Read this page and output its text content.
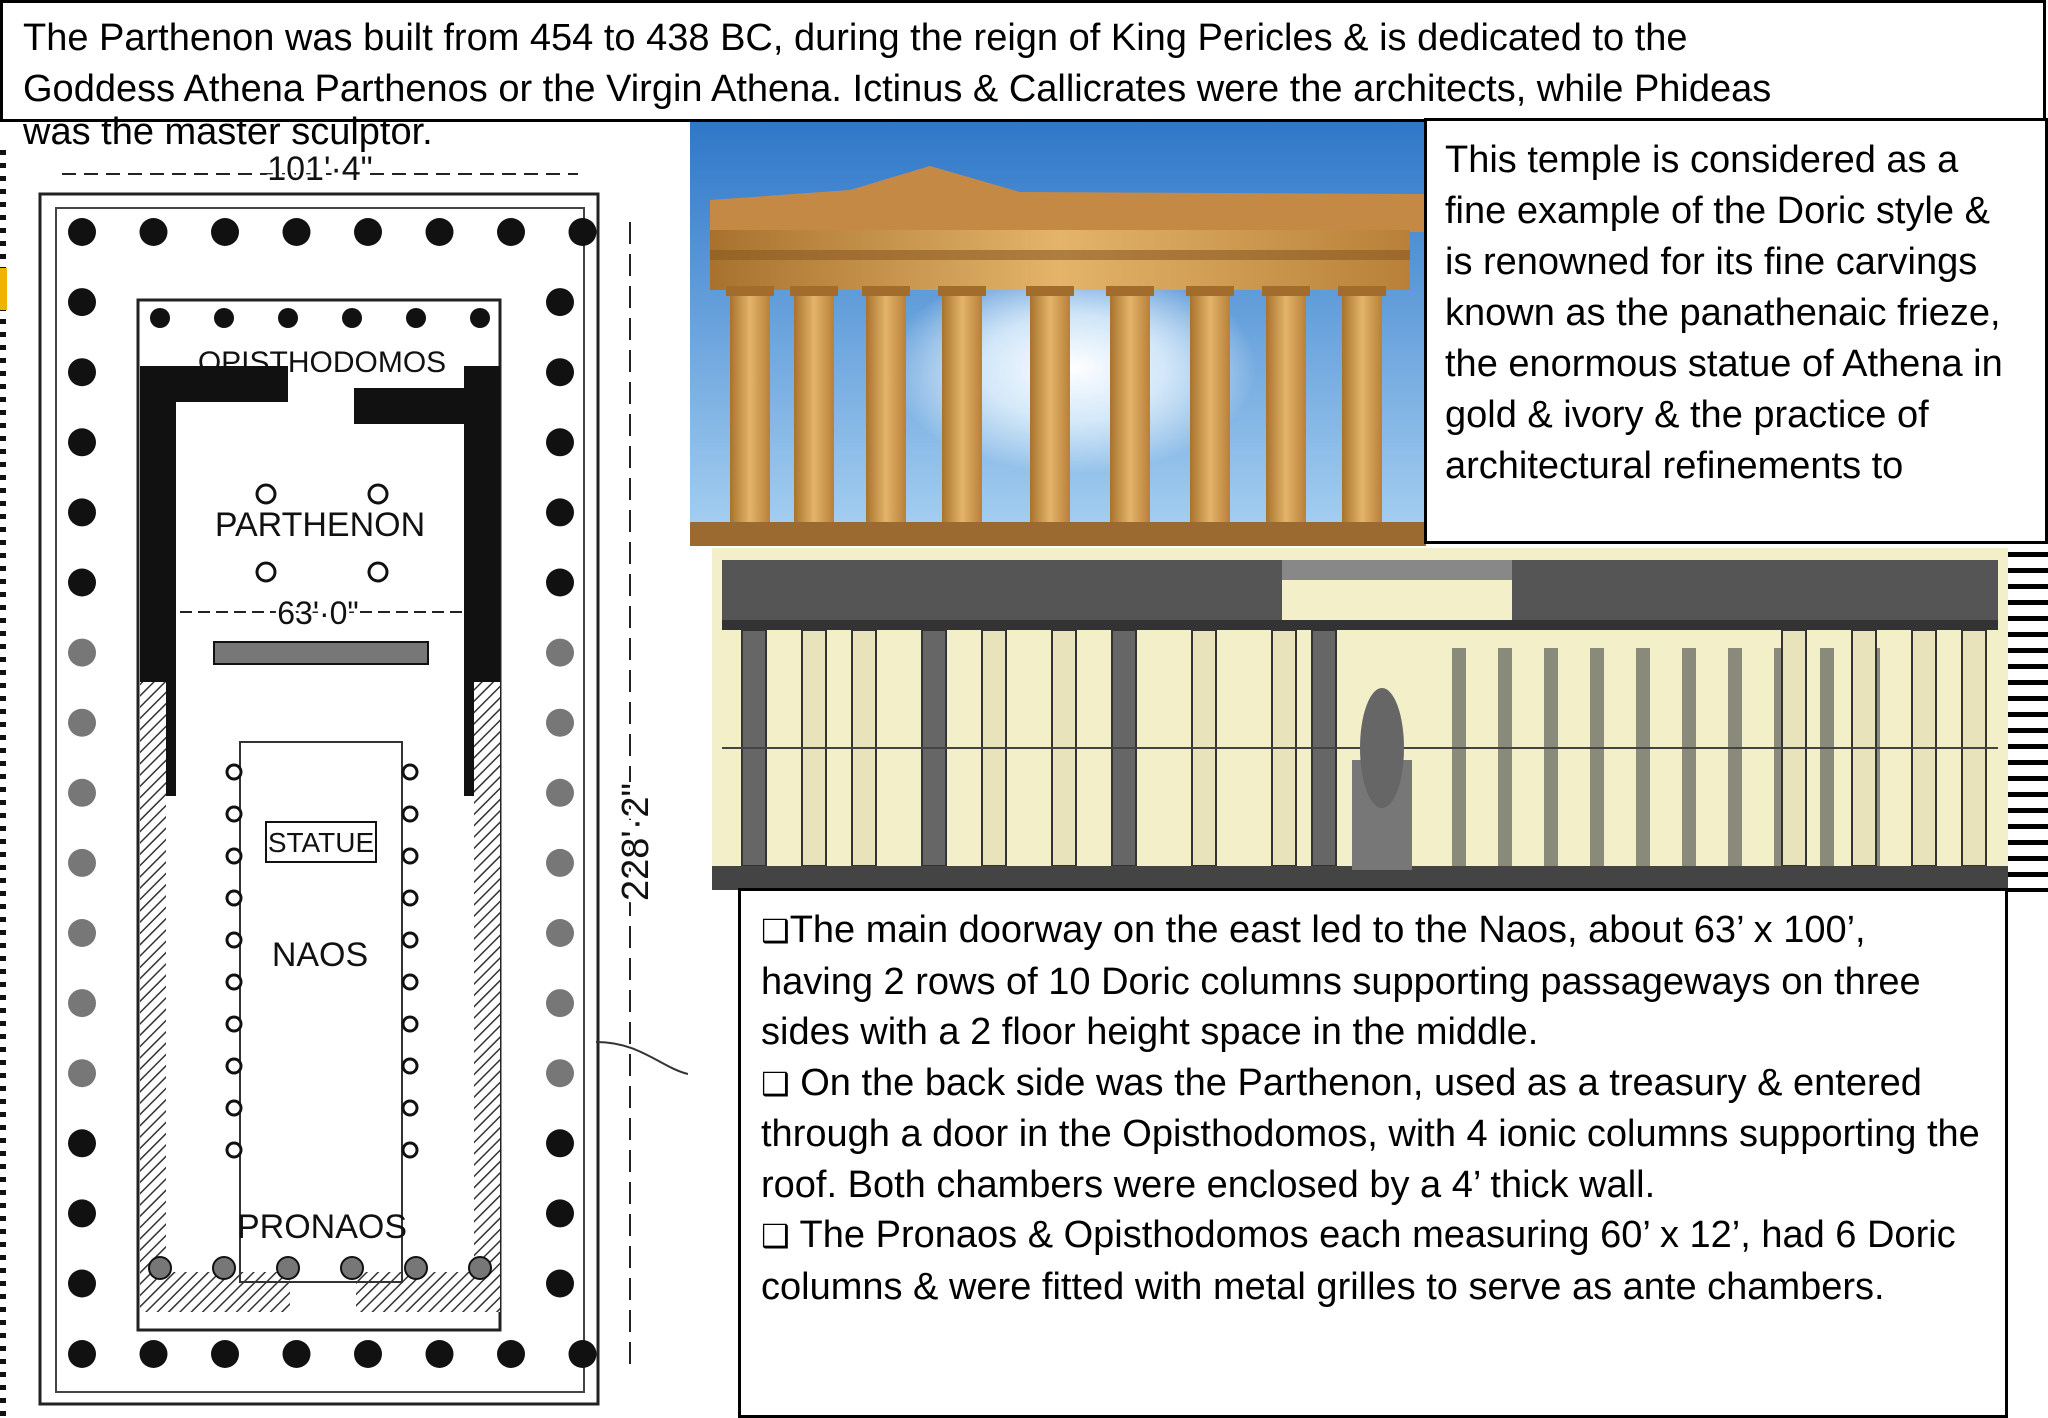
The Parthenon was built from 454 to 438 BC, during the reign of King Pericles & is dedicated to the
Goddess Athena Parthenos or the Virgin Athena. Ictinus & Callicrates were the architects, while Phideas
was the master sculptor.
101'·4"
63'·0"
228'·2"
OPISTHODOMOS
PARTHENON
STATUE
NAOS
PRONAOS

This temple is considered as a fine example of the Doric style & is renowned for its fine carvings known as the panathenaic frieze, the enormous statue of Athena in gold & ivory & the practice of architectural refinements to

❑The main doorway on the east led to the Naos, about 63’ x 100’, having 2 rows of 10 Doric columns supporting passageways on three sides with a 2 floor height space in the middle.

❑ On the back side was the Parthenon, used as a treasury & entered through a door in the Opisthodomos, with 4 ionic columns supporting the roof. Both chambers were enclosed by a 4’ thick wall.

❑ The Pronaos & Opisthodomos each measuring 60’ x 12’, had 6 Doric columns & were fitted with metal grilles to serve as ante chambers.
